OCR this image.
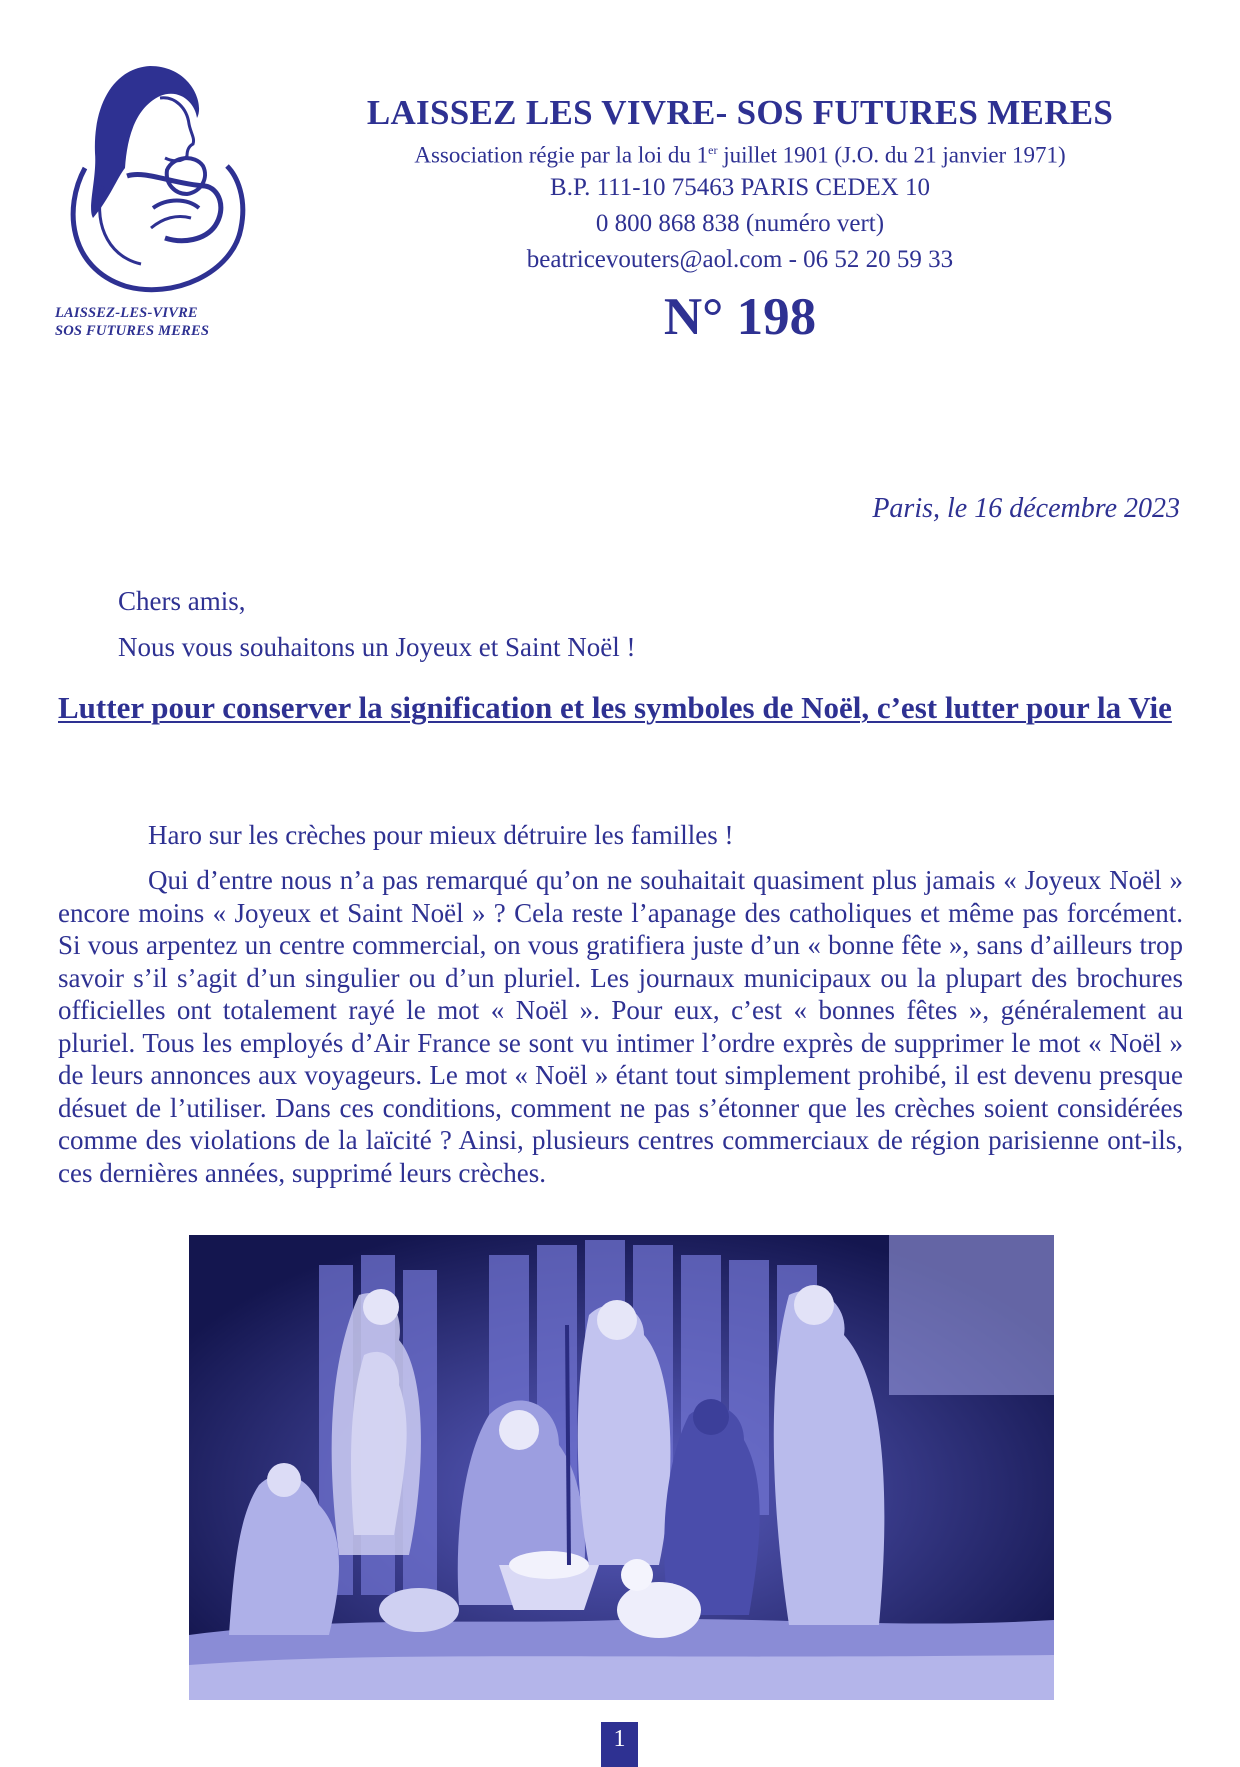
LAISSEZ-LES-VIVRE
SOS FUTURES MERES
LAISSEZ LES VIVRE- SOS FUTURES MERES
Association régie par la loi du 1er juillet 1901 (J.O. du 21 janvier 1971)
B.P. 111-10 75463 PARIS CEDEX 10
0 800 868 838 (numéro vert)
beatricevouters@aol.com - 06 52 20 59 33
N° 198
Paris, le 16 décembre 2023
Chers amis,
Nous vous souhaitons un Joyeux et Saint Noël !
Lutter pour conserver la signification et les symboles de Noël, c’est lutter pour la Vie
Haro sur les crèches pour mieux détruire les familles !

Qui d’entre nous n’a pas remarqué qu’on ne souhaitait quasiment plus jamais « Joyeux Noël » encore moins « Joyeux et Saint Noël » ? Cela reste l’apanage des catholiques et même pas forcément. Si vous arpentez un centre commercial, on vous gratifiera juste d’un « bonne fête », sans d’ailleurs trop savoir s’il s’agit d’un singulier ou d’un pluriel. Les journaux municipaux ou la plupart des brochures officielles ont totalement rayé le mot « Noël ». Pour eux, c’est « bonnes fêtes », généralement au pluriel. Tous les employés d’Air France se sont vu intimer l’ordre exprès de supprimer le mot « Noël » de leurs annonces aux voyageurs. Le mot « Noël » étant tout simplement prohibé, il est devenu presque désuet de l’utiliser. Dans ces conditions, comment ne pas s’étonner que les crèches soient considérées comme des violations de la laïcité ? Ainsi, plusieurs centres commerciaux de région parisienne ont-ils, ces dernières années, supprimé leurs crèches.

1
